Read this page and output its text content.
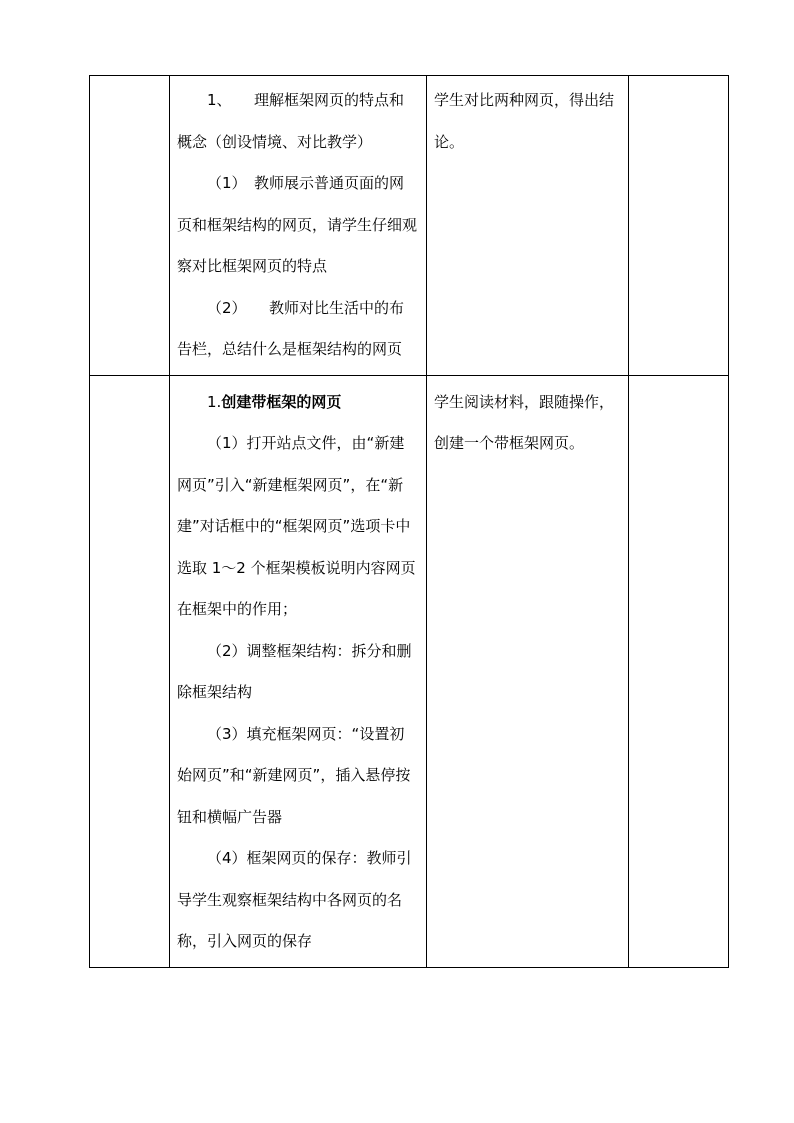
	1、　　理解框架网页的特点和概念（创设情境、对比教学）

（1）　教师展示普通页面的网页和框架结构的网页，请学生仔细观察对比框架网页的特点

（2）　　教师对比生活中的布告栏，总结什么是框架结构的网页	学生对比两种网页，得出结论。	

	1.创建带框架的网页

（1）打开站点文件，由“新建网页”引入“新建框架网页”，在“新建”对话框中的“框架网页”选项卡中选取 1～2 个框架模板说明内容网页在框架中的作用；

（2）调整框架结构：拆分和删除框架结构

（3）填充框架网页：“设置初始网页”和“新建网页”，插入悬停按钮和横幅广告器

（4）框架网页的保存：教师引导学生观察框架结构中各网页的名称，引入网页的保存	学生阅读材料，跟随操作，创建一个带框架网页。	
